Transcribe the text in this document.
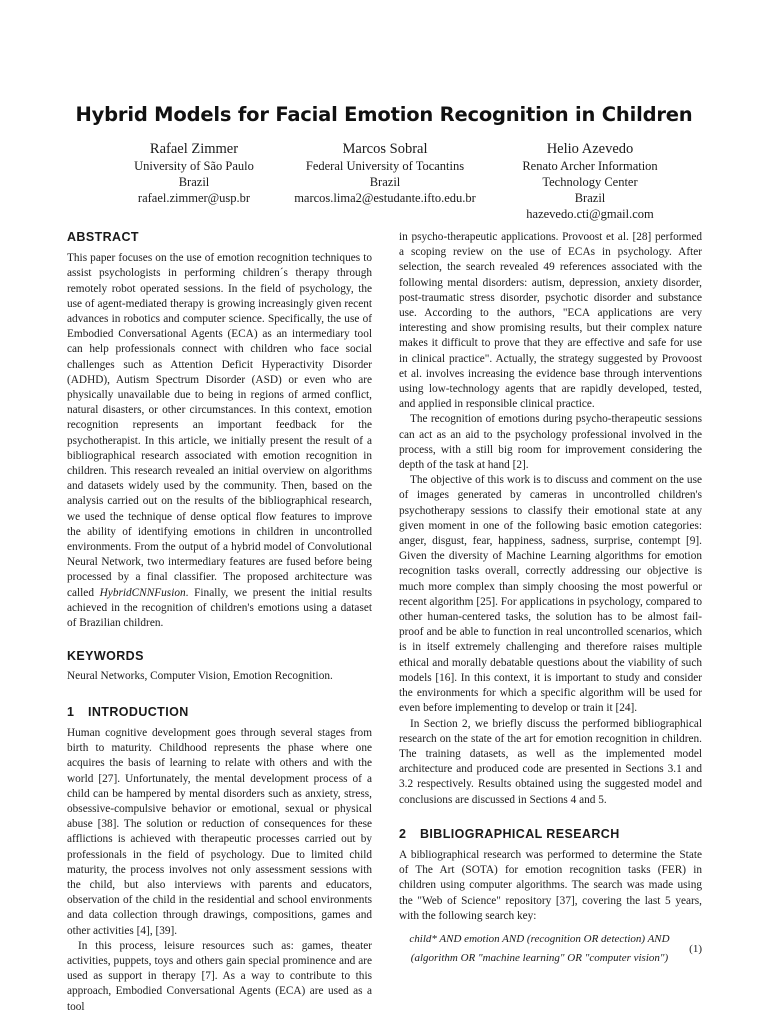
Hybrid Models for Facial Emotion Recognition in Children
Rafael Zimmer
University of São Paulo
Brazil
rafael.zimmer@usp.br
Marcos Sobral
Federal University of Tocantins
Brazil
marcos.lima2@estudante.ifto.edu.br
Helio Azevedo
Renato Archer Information
Technology Center
Brazil
hazevedo.cti@gmail.com
ABSTRACT

This paper focuses on the use of emotion recognition techniques to assist psychologists in performing children´s therapy through remotely robot operated sessions. In the field of psychology, the use of agent-mediated therapy is growing increasingly given recent advances in robotics and computer science. Specifically, the use of Embodied Conversational Agents (ECA) as an intermediary tool can help professionals connect with children who face social challenges such as Attention Deficit Hyperactivity Disorder (ADHD), Autism Spectrum Disorder (ASD) or even who are physically unavailable due to being in regions of armed conflict, natural disasters, or other circumstances. In this context, emotion recognition represents an important feedback for the psychotherapist. In this article, we initially present the result of a bibliographical research associated with emotion recognition in children. This research revealed an initial overview on algorithms and datasets widely used by the community. Then, based on the analysis carried out on the results of the bibliographical research, we used the technique of dense optical flow features to improve the ability of identifying emotions in children in uncontrolled environments. From the output of a hybrid model of Convolutional Neural Network, two intermediary features are fused before being processed by a final classifier. The proposed architecture was called HybridCNNFusion. Finally, we present the initial results achieved in the recognition of children's emotions using a dataset of Brazilian children.

KEYWORDS

Neural Networks, Computer Vision, Emotion Recognition.

1 INTRODUCTION

Human cognitive development goes through several stages from birth to maturity. Childhood represents the phase where one acquires the basis of learning to relate with others and with the world [27]. Unfortunately, the mental development process of a child can be hampered by mental disorders such as anxiety, stress, obsessive-compulsive behavior or emotional, sexual or physical abuse [38]. The solution or reduction of consequences for these afflictions is achieved with therapeutic processes carried out by professionals in the field of psychology. Due to limited child maturity, the process involves not only assessment sessions with the child, but also interviews with parents and educators, observation of the child in the residential and school environments and data collection through drawings, compositions, games and other activities [4], [39].

In this process, leisure resources such as: games, theater activities, puppets, toys and others gain special prominence and are used as support in therapy [7]. As a way to contribute to this approach, Embodied Conversational Agents (ECA) are used as a tool

in psycho-therapeutic applications. Provoost et al. [28] performed a scoping review on the use of ECAs in psychology. After selection, the search revealed 49 references associated with the following mental disorders: autism, depression, anxiety disorder, post-traumatic stress disorder, psychotic disorder and substance use. According to the authors, "ECA applications are very interesting and show promising results, but their complex nature makes it difficult to prove that they are effective and safe for use in clinical practice". Actually, the strategy suggested by Provoost et al. involves increasing the evidence base through interventions using low-technology agents that are rapidly developed, tested, and applied in responsible clinical practice.

The recognition of emotions during psycho-therapeutic sessions can act as an aid to the psychology professional involved in the process, with a still big room for improvement considering the depth of the task at hand [2].

The objective of this work is to discuss and comment on the use of images generated by cameras in uncontrolled children's psychotherapy sessions to classify their emotional state at any given moment in one of the following basic emotion categories: anger, disgust, fear, happiness, sadness, surprise, contempt [9]. Given the diversity of Machine Learning algorithms for emotion recognition tasks overall, correctly addressing our objective is much more complex than simply choosing the most powerful or recent algorithm [25]. For applications in psychology, compared to other human-centered tasks, the solution has to be almost fail-proof and be able to function in real uncontrolled scenarios, which is in itself extremely challenging and therefore raises multiple ethical and morally debatable questions about the viability of such models [16]. In this context, it is important to study and consider the environments for which a specific algorithm will be used for even before implementing to develop or train it [24].

In Section 2, we briefly discuss the performed bibliographical research on the state of the art for emotion recognition in children. The training datasets, as well as the implemented model architecture and produced code are presented in Sections 3.1 and 3.2 respectively. Results obtained using the suggested model and conclusions are discussed in Sections 4 and 5.

2 BIBLIOGRAPHICAL RESEARCH

A bibliographical research was performed to determine the State of The Art (SOTA) for emotion recognition tasks (FER) in children using computer algorithms. The search was made using the "Web of Science" repository [37], covering the last 5 years, with the following search key:

child* AND emotion AND (recognition OR detection) AND
(algorithm OR "machine learning" OR "computer vision")
(1)
